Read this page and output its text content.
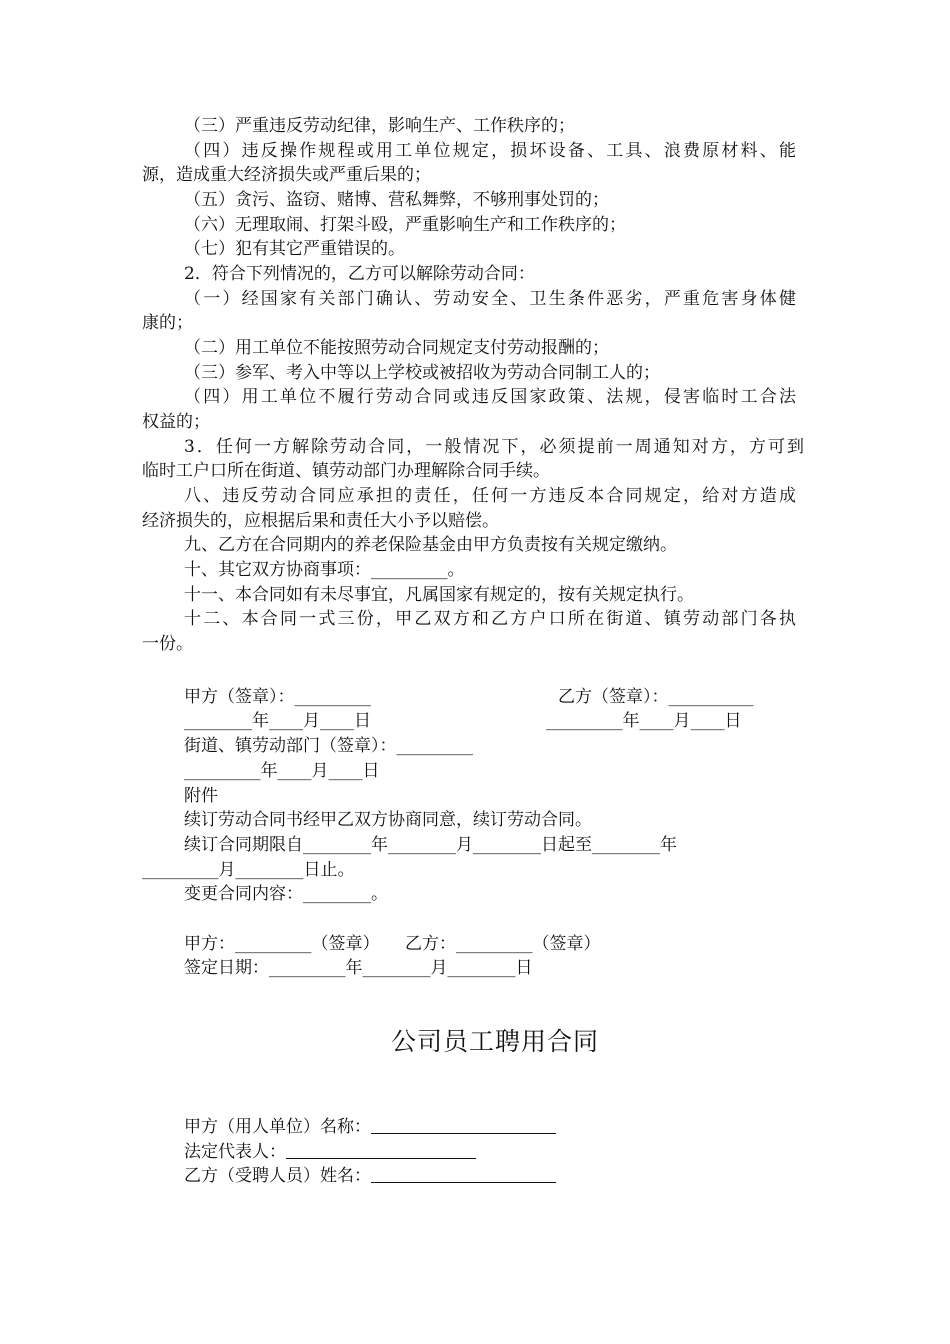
（三）严重违反劳动纪律，影响生产、工作秩序的；
（四）违反操作规程或用工单位规定，损坏设备、工具、浪费原材料、能
源，造成重大经济损失或严重后果的；
（五）贪污、盗窃、赌博、营私舞弊，不够刑事处罚的；
（六）无理取闹、打架斗殴，严重影响生产和工作秩序的；
（七）犯有其它严重错误的。
2．符合下列情况的，乙方可以解除劳动合同：
（一）经国家有关部门确认、劳动安全、卫生条件恶劣，严重危害身体健
康的；
（二）用工单位不能按照劳动合同规定支付劳动报酬的；
（三）参军、考入中等以上学校或被招收为劳动合同制工人的；
（四）用工单位不履行劳动合同或违反国家政策、法规，侵害临时工合法
权益的；
3．任何一方解除劳动合同，一般情况下，必须提前一周通知对方，方可到
临时工户口所在街道、镇劳动部门办理解除合同手续。
八、违反劳动合同应承担的责任，任何一方违反本合同规定，给对方造成
经济损失的，应根据后果和责任大小予以赔偿。
九、乙方在合同期内的养老保险基金由甲方负责按有关规定缴纳。
十、其它双方协商事项：_________。
十一、本合同如有未尽事宜，凡属国家有规定的，按有关规定执行。
十二、本合同一式三份，甲乙双方和乙方户口所在街道、镇劳动部门各执
一份。
甲方（签章）：_________	乙方（签章）：__________
________年____月____日	_________年____月____日
街道、镇劳动部门（签章）：_________
_________年____月____日
附件
续订劳动合同书经甲乙双方协商同意，续订劳动合同。
续订合同期限自________年________月________日起至________年
_________月________日止。
变更合同内容：________。
甲方：_________（签章）　　乙方：_________（签章）
签定日期：_________年________月________日
公司员工聘用合同
甲方（用人单位）名称：
法定代表人：
乙方（受聘人员）姓名：
